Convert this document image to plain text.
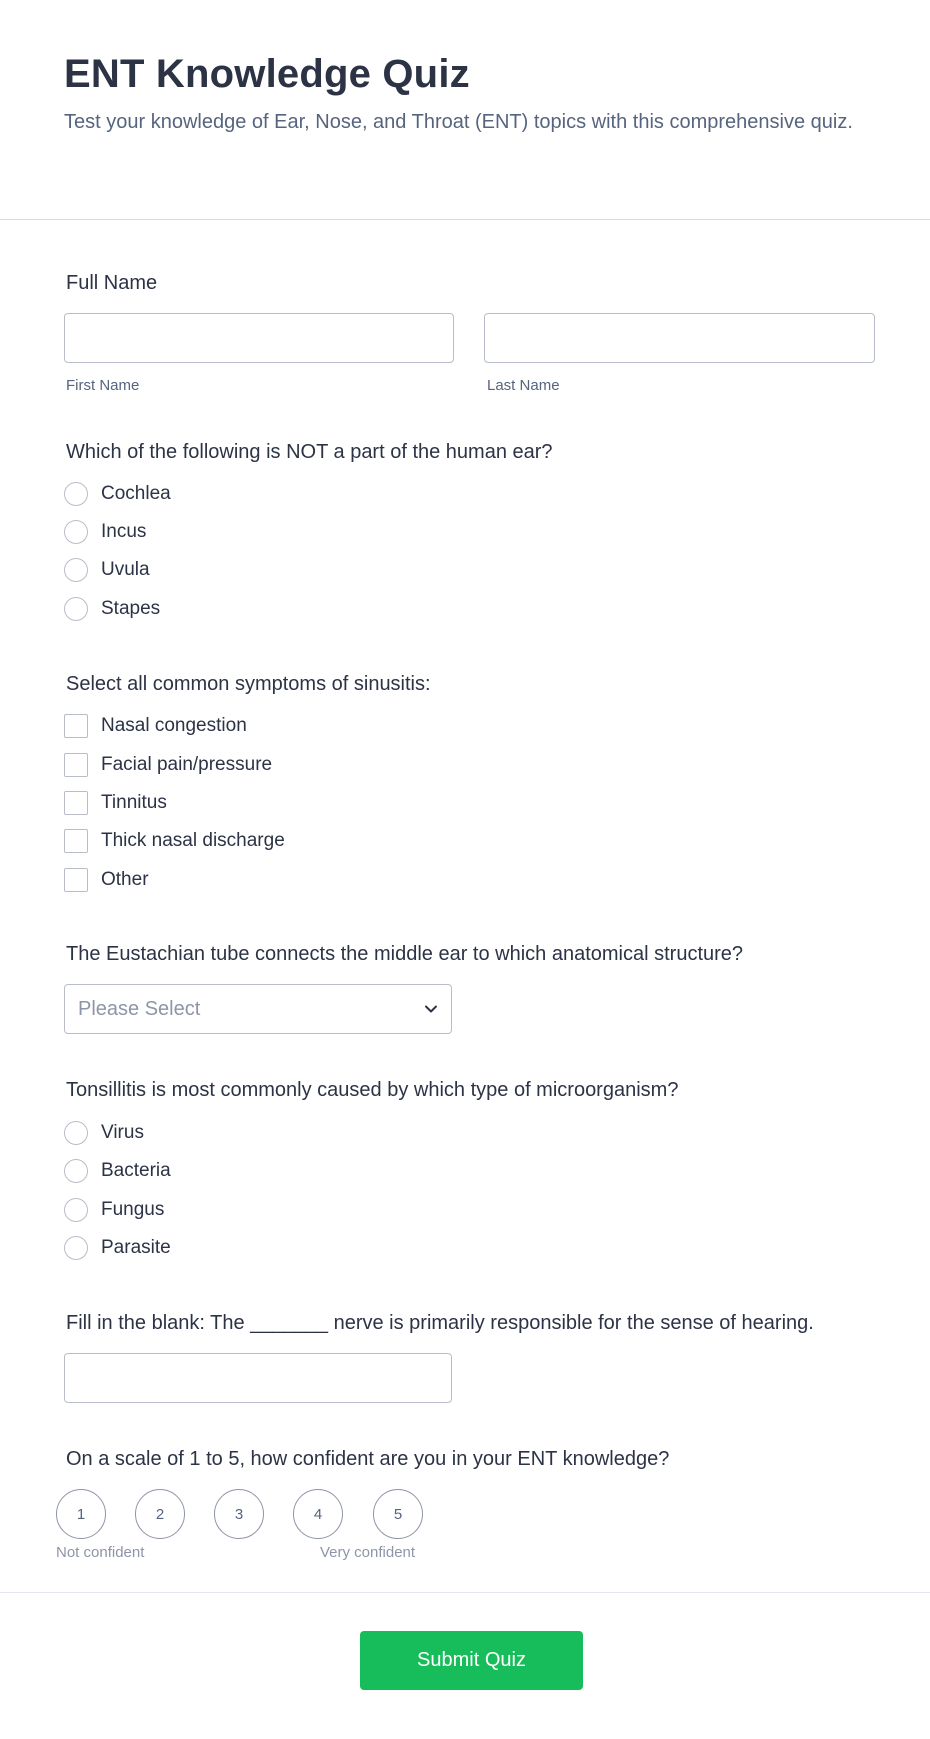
ENT Knowledge Quiz
Test your knowledge of Ear, Nose, and Throat (ENT) topics with this comprehensive quiz.
Full Name
First Name	Last Name
Which of the following is NOT a part of the human ear?
Cochlea
Incus
Uvula
Stapes
Select all common symptoms of sinusitis:
Nasal congestion
Facial pain/pressure
Tinnitus
Thick nasal discharge
Other
The Eustachian tube connects the middle ear to which anatomical structure?
Please Select
Tonsillitis is most commonly caused by which type of microorganism?
Virus
Bacteria
Fungus
Parasite
Fill in the blank: The _______ nerve is primarily responsible for the sense of hearing.
On a scale of 1 to 5, how confident are you in your ENT knowledge?
1	2	3	4	5
Not confident	Very confident
Submit Quiz
